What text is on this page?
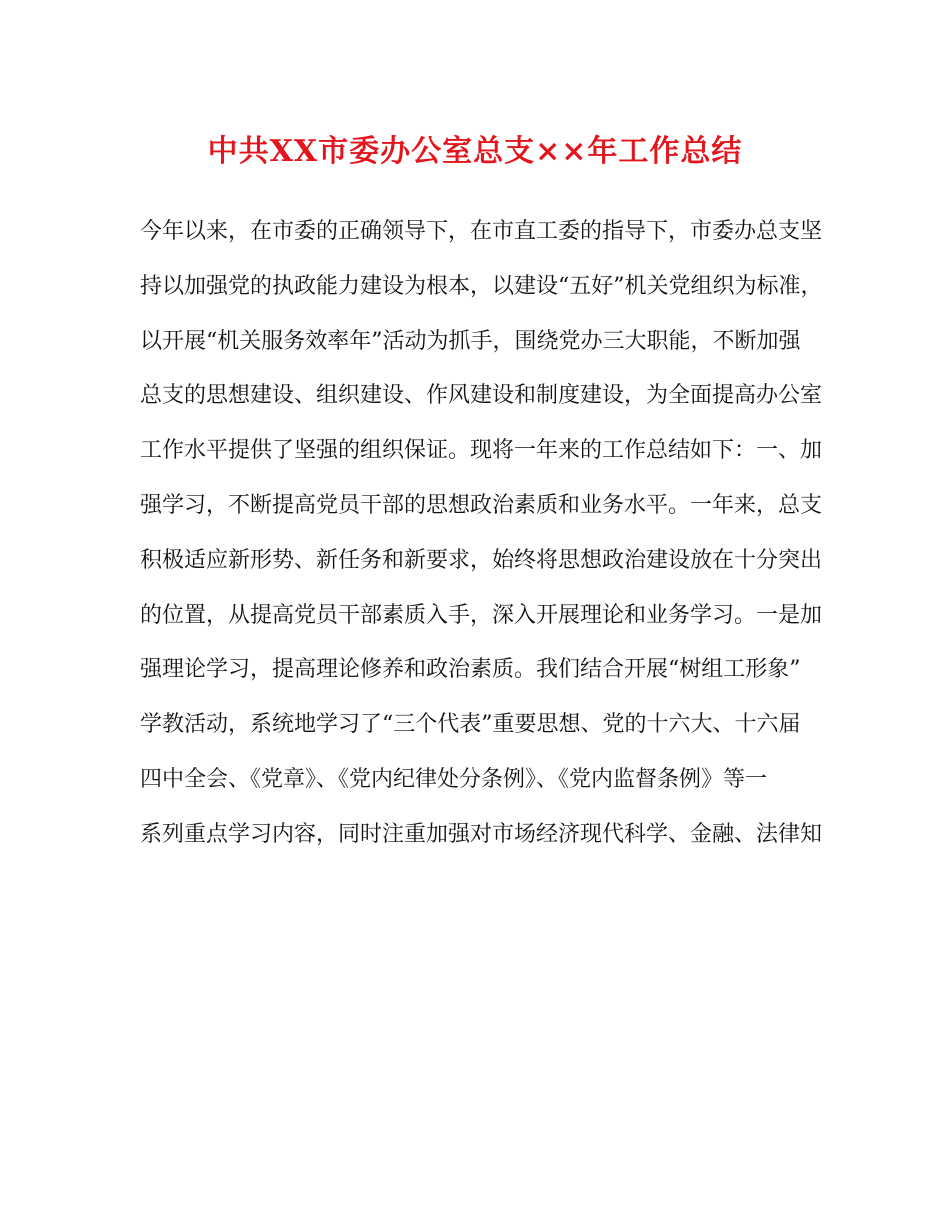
中共XX市委办公室总支××年工作总结
今年以来，在市委的正确领导下，在市直工委的指导下，市委办总支坚
持以加强党的执政能力建设为根本，以建设“五好”机关党组织为标准，
以开展“机关服务效率年”活动为抓手，围绕党办三大职能，不断加强
总支的思想建设、组织建设、作风建设和制度建设，为全面提高办公室
工作水平提供了坚强的组织保证。现将一年来的工作总结如下：一、加
强学习，不断提高党员干部的思想政治素质和业务水平。一年来，总支
积极适应新形势、新任务和新要求，始终将思想政治建设放在十分突出
的位置，从提高党员干部素质入手，深入开展理论和业务学习。一是加
强理论学习，提高理论修养和政治素质。我们结合开展“树组工形象”
学教活动，系统地学习了“三个代表”重要思想、党的十六大、十六届
四中全会、《党章》、《党内纪律处分条例》、《党内监督条例》等一
系列重点学习内容，同时注重加强对市场经济现代科学、金融、法律知
